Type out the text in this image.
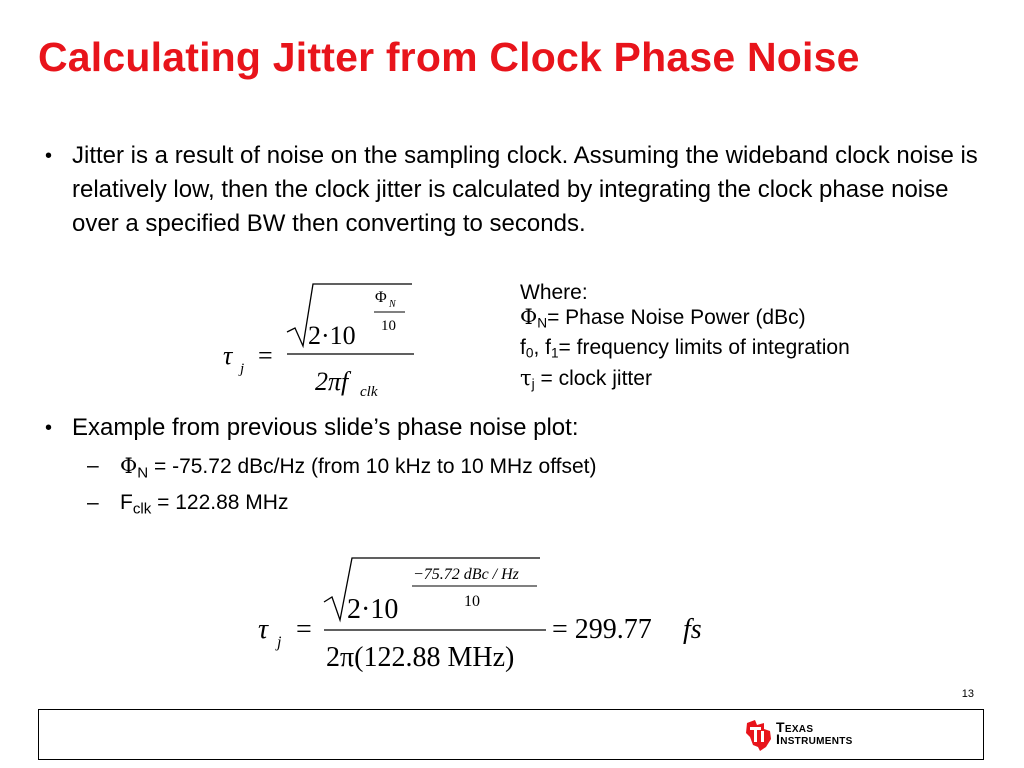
Calculating Jitter from Clock Phase Noise
• Jitter is a result of noise on the sampling clock. Assuming the wideband clock noise is relatively low, then the clock jitter is calculated by integrating the clock phase noise over a specified BW then converting to seconds.
τ j =
Φ N
10
2·10
2πf clk
Where:
$\Phi_N=$ Phase Noise Power (dBc)
$f_0$, $f_1=$ frequency limits of integration
$\tau_j$ = clock jitter
• Example from previous slide’s phase noise plot:
– $\Phi_N = -75.72$ dBc/Hz (from 10 kHz to 10 MHz offset)
– $F_{clk} = 122.88$ MHz
τ j =
−75.72 dBc / Hz
10
2·10
2π(122.88 MHz)
= 299.77 fs
13
Texas
Instruments
